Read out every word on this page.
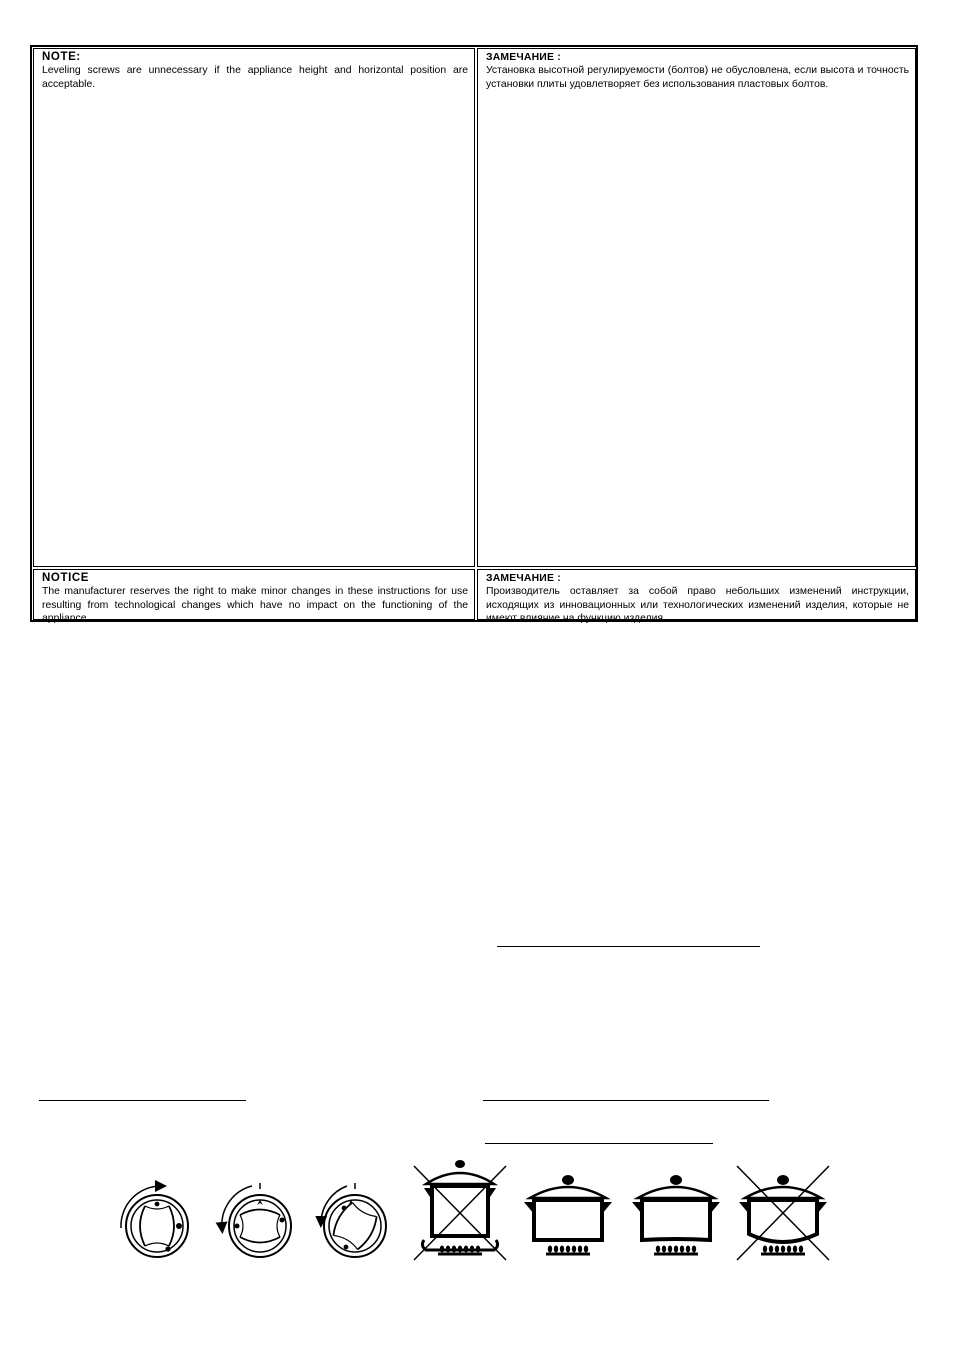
NOTE:
Leveling screws are unnecessary if the appliance height and horizontal position are acceptable.
ЗАМЕЧАНИЕ :
Установка высотной регулируемости (болтов) не обусловлена, если высота и точность установки плиты удовлетворяет без использования пластовых болтов.
NOTICE
The manufacturer reserves the right to make minor changes in these instructions for use resulting from technological changes which have no impact on the functioning of the appliance.
ЗАМЕЧАНИЕ :
Производитель оставляет за собой право небольших изменений инструкции, исходящих из инновационных или технологических изменений изделия, которые не имеют влияние на функцию изделия.
